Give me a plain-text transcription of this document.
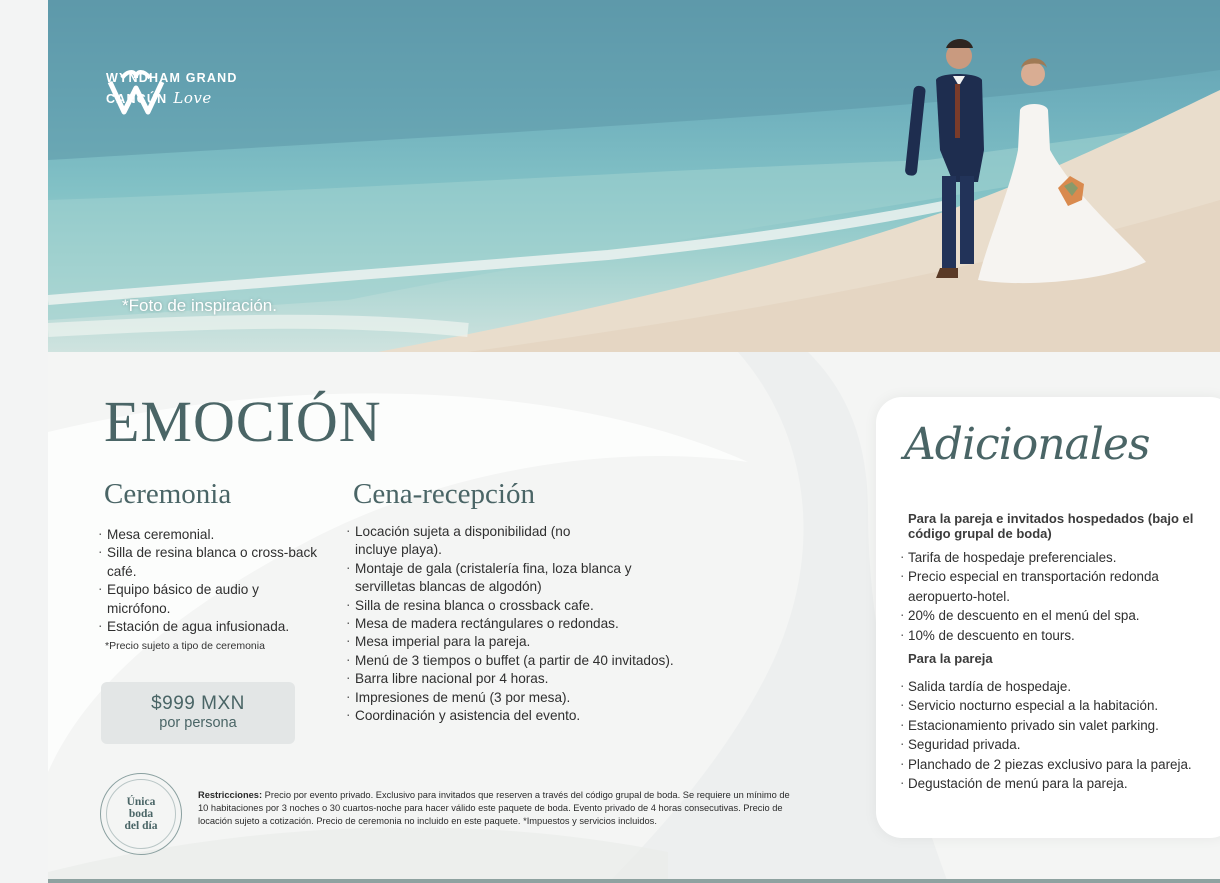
WYNDHAM GRAND
CANCÚN Love
*Foto de inspiración.
EMOCIÓN
Ceremonia
· Mesa ceremonial.
· Silla de resina blanca o cross-back café.
· Equipo básico de audio y micrófono.
· Estación de agua infusionada.
*Precio sujeto a tipo de ceremonia
$999 MXN
por persona
Cena-recepción
· Locación sujeta a disponibilidad (no incluye playa).
· Montaje de gala (cristalería fina, loza blanca y servilletas blancas de algodón)
· Silla de resina blanca o crossback cafe.
· Mesa de madera rectángulares o redondas.
· Mesa imperial para la pareja.
· Menú de 3 tiempos o buffet (a partir de 40 invitados).
· Barra libre nacional por 4 horas.
· Impresiones de menú (3 por mesa).
· Coordinación y asistencia del evento.
Única
boda
del día
Restricciones: Precio por evento privado. Exclusivo para invitados que reserven a través del código grupal de boda. Se requiere un mínimo de 10 habitaciones por 3 noches o 30 cuartos-noche para hacer válido este paquete de boda. Evento privado de 4 horas consecutivas. Precio de locación sujeto a cotización. Precio de ceremonia no incluido en este paquete. *Impuestos y servicios incluidos.
Adicionales
Para la pareja e invitados hospedados (bajo el código grupal de boda)
· Tarifa de hospedaje preferenciales.
· Precio especial en transportación redonda aeropuerto-hotel.
· 20% de descuento en el menú del spa.
· 10% de descuento en tours.
Para la pareja
· Salida tardía de hospedaje.
· Servicio nocturno especial a la habitación.
· Estacionamiento privado sin valet parking.
· Seguridad privada.
· Planchado de 2 piezas exclusivo para la pareja.
· Degustación de menú para la pareja.
